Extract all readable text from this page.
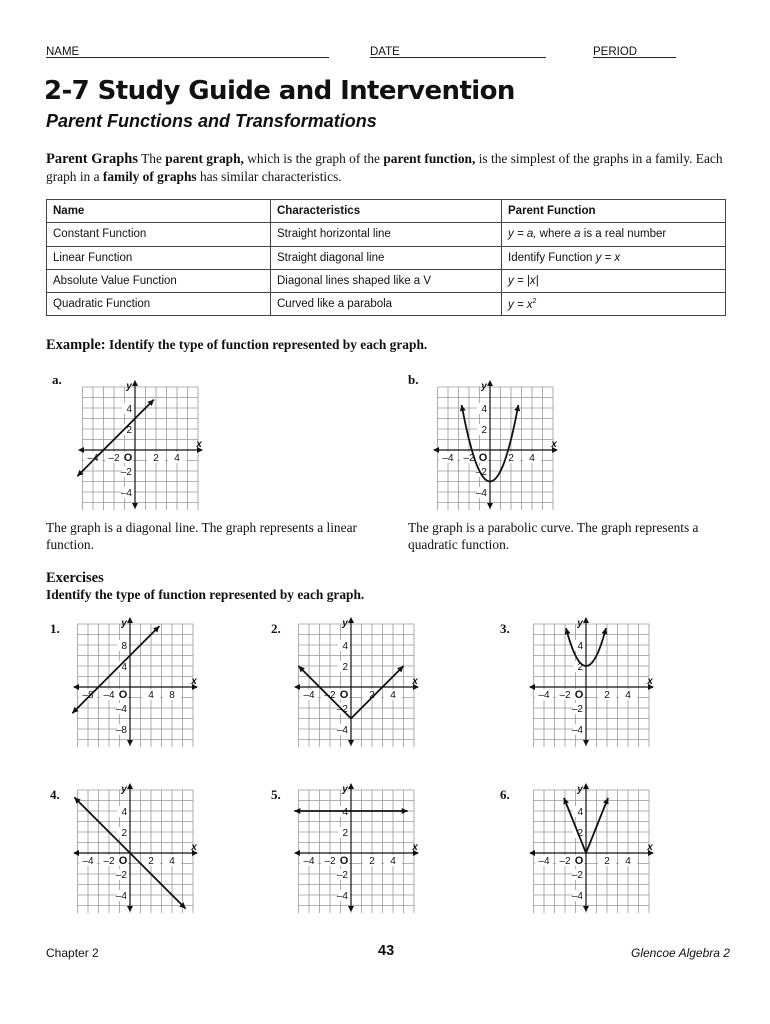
NAME	DATE	PERIOD
2-7 Study Guide and Intervention
Parent Functions and Transformations
Parent Graphs The parent graph, which is the graph of the parent function, is the simplest of the graphs in a family. Each graph in a family of graphs has similar characteristics.
Name	Characteristics	Parent Function
Constant Function	Straight horizontal line	y = a, where a is a real number
Linear Function	Straight diagonal line	Identify Function y = x
Absolute Value Function	Diagonal lines shaped like a V	y = |x|
Quadratic Function	Curved like a parabola	$y = x^2$
Example: Identify the type of function represented by each graph.
a.
–4 –2	2 4
4
2
–2
–4
O
x
y	b.
–4 –2	2 4
4
2
–2
–4
O
x
y
The graph is a diagonal line. The graph represents a linear function.
The graph is a parabolic curve. The graph represents a quadratic function.
Exercises
Identify the type of function represented by each graph.
1.
–8 –4	4 8
8
4
–4
–8
O
x
y	2.
–4 –2	2 4
4
2
–2
–4
O
x
y	3.
–4 –2	2 4
4
2
–2
–4
O
x
y
4.
–4 –2	2 4
4
2
–2
–4
O
x
y	5.
–4 –2	2 4
4
2
–2
–4
O
x
y	6.
–4 –2	2 4
4
2
–2
–4
O
x
y
Chapter 2	43	Glencoe Algebra 2
